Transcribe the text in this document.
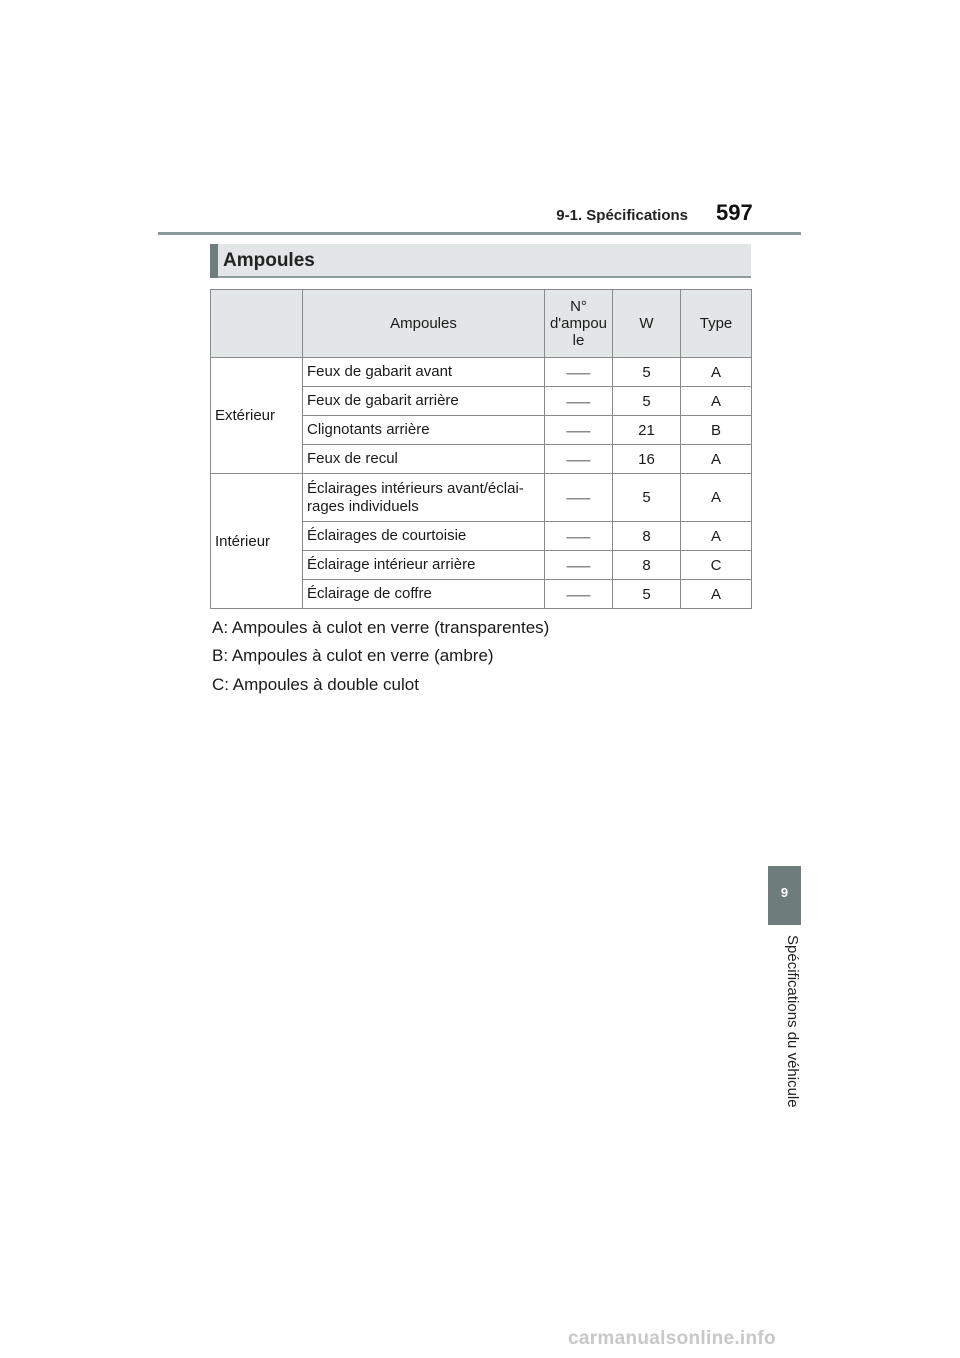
9-1. Spécifications 597
Ampoules
	Ampoules	N°
d'ampou
le	W	Type
Extérieur	Feux de gabarit avant	⸺	5	A
	Feux de gabarit arrière	⸺	5	A
	Clignotants arrière	⸺	21	B
	Feux de recul	⸺	16	A
Intérieur	Éclairages intérieurs avant/éclai-
rages individuels	⸺	5	A
	Éclairages de courtoisie	⸺	8	A
	Éclairage intérieur arrière	⸺	8	C
	Éclairage de coffre	⸺	5	A
A: Ampoules à culot en verre (transparentes)
B: Ampoules à culot en verre (ambre)
C: Ampoules à double culot
9
Spécifications du véhicule
carmanualsonline.info
